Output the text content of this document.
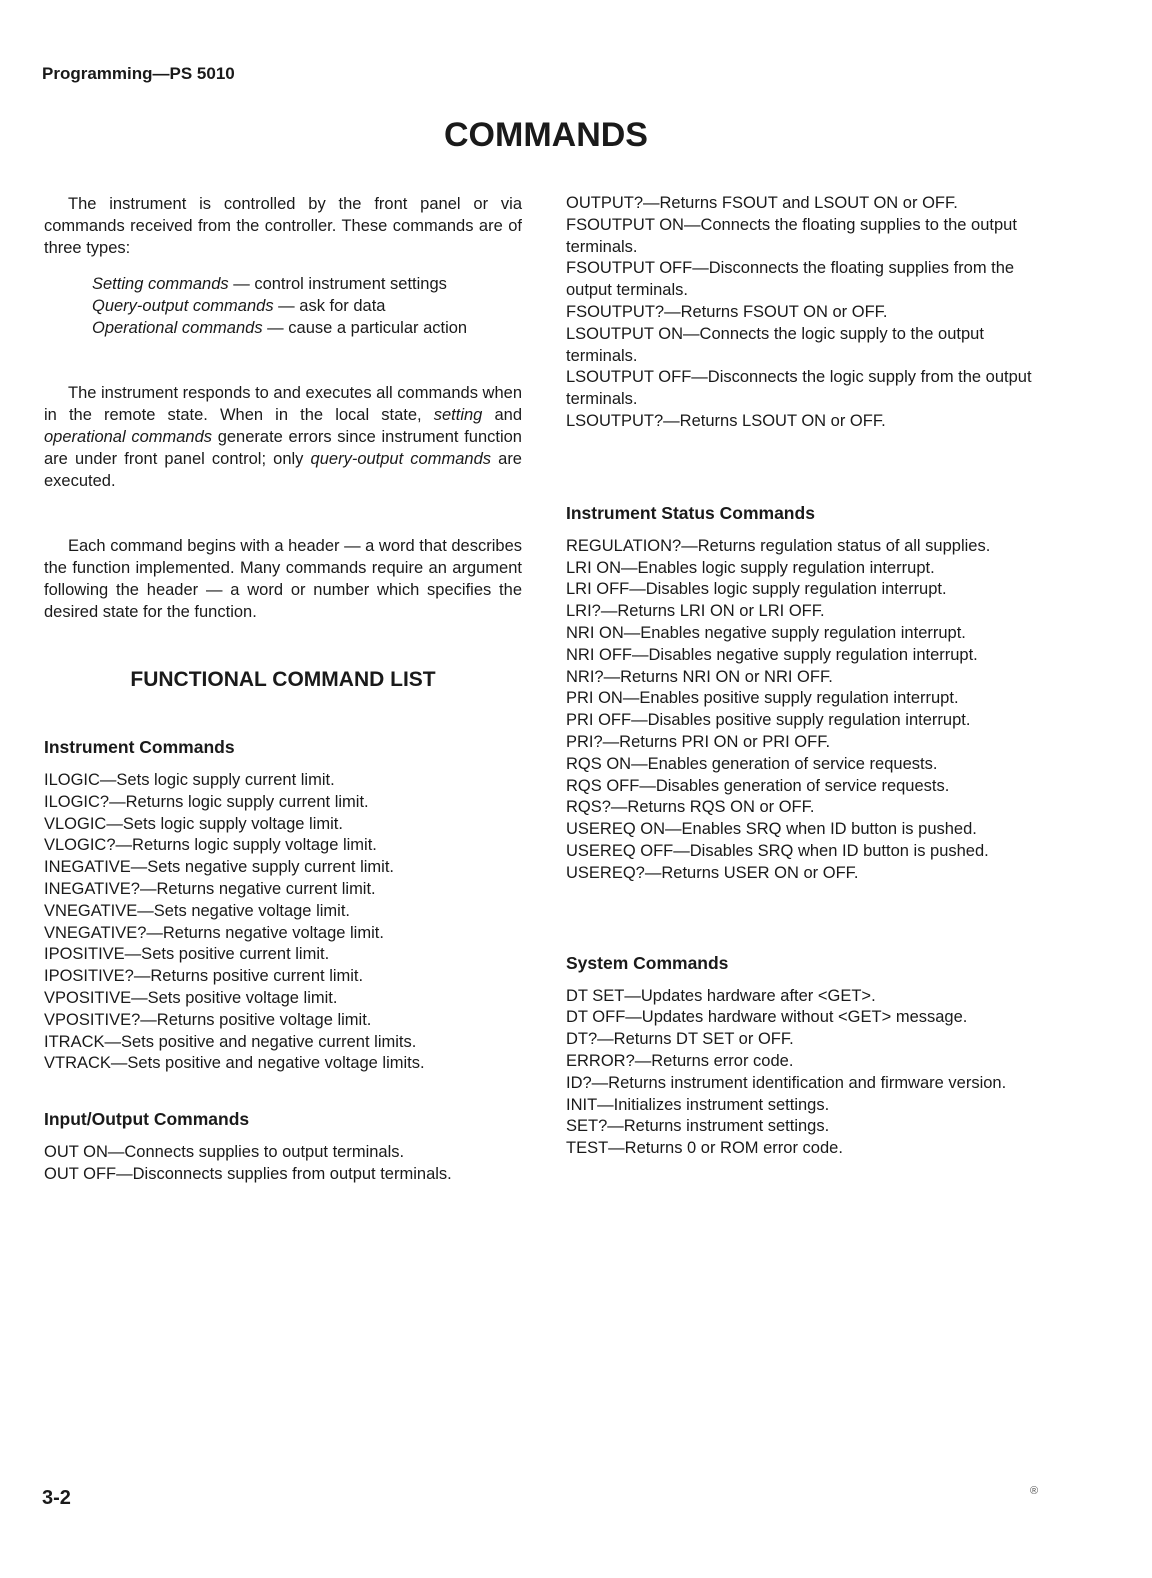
Programming—PS 5010
COMMANDS

The instrument is controlled by the front panel or via commands received from the controller. These commands are of three types:

Setting commands — control instrument settings
Query-output commands — ask for data
Operational commands — cause a particular action

The instrument responds to and executes all commands when in the remote state. When in the local state, setting and operational commands generate errors since instrument function are under front panel control; only query-output commands are executed.

Each command begins with a header — a word that describes the function implemented. Many commands require an argument following the header — a word or number which specifies the desired state for the function.

FUNCTIONAL COMMAND LIST
Instrument Commands
ILOGIC—Sets logic supply current limit.
ILOGIC?—Returns logic supply current limit.
VLOGIC—Sets logic supply voltage limit.
VLOGIC?—Returns logic supply voltage limit.
INEGATIVE—Sets negative supply current limit.
INEGATIVE?—Returns negative current limit.
VNEGATIVE—Sets negative voltage limit.
VNEGATIVE?—Returns negative voltage limit.
IPOSITIVE—Sets positive current limit.
IPOSITIVE?—Returns positive current limit.
VPOSITIVE—Sets positive voltage limit.
VPOSITIVE?—Returns positive voltage limit.
ITRACK—Sets positive and negative current limits.
VTRACK—Sets positive and negative voltage limits.
Input/Output Commands
OUT ON—Connects supplies to output terminals.
OUT OFF—Disconnects supplies from output terminals.
OUTPUT?—Returns FSOUT and LSOUT ON or OFF.
FSOUTPUT ON—Connects the floating supplies to the output terminals.
FSOUTPUT OFF—Disconnects the floating supplies from the output terminals.
FSOUTPUT?—Returns FSOUT ON or OFF.
LSOUTPUT ON—Connects the logic supply to the output terminals.
LSOUTPUT OFF—Disconnects the logic supply from the output terminals.
LSOUTPUT?—Returns LSOUT ON or OFF.
Instrument Status Commands
REGULATION?—Returns regulation status of all supplies.
LRI ON—Enables logic supply regulation interrupt.
LRI OFF—Disables logic supply regulation interrupt.
LRI?—Returns LRI ON or LRI OFF.
NRI ON—Enables negative supply regulation interrupt.
NRI OFF—Disables negative supply regulation interrupt.
NRI?—Returns NRI ON or NRI OFF.
PRI ON—Enables positive supply regulation interrupt.
PRI OFF—Disables positive supply regulation interrupt.
PRI?—Returns PRI ON or PRI OFF.
RQS ON—Enables generation of service requests.
RQS OFF—Disables generation of service requests.
RQS?—Returns RQS ON or OFF.
USEREQ ON—Enables SRQ when ID button is pushed.
USEREQ OFF—Disables SRQ when ID button is pushed.
USEREQ?—Returns USER ON or OFF.
System Commands
DT SET—Updates hardware after <GET>.
DT OFF—Updates hardware without <GET> message.
DT?—Returns DT SET or OFF.
ERROR?—Returns error code.
ID?—Returns instrument identification and firmware version.
INIT—Initializes instrument settings.
SET?—Returns instrument settings.
TEST—Returns 0 or ROM error code.
3-2	®
